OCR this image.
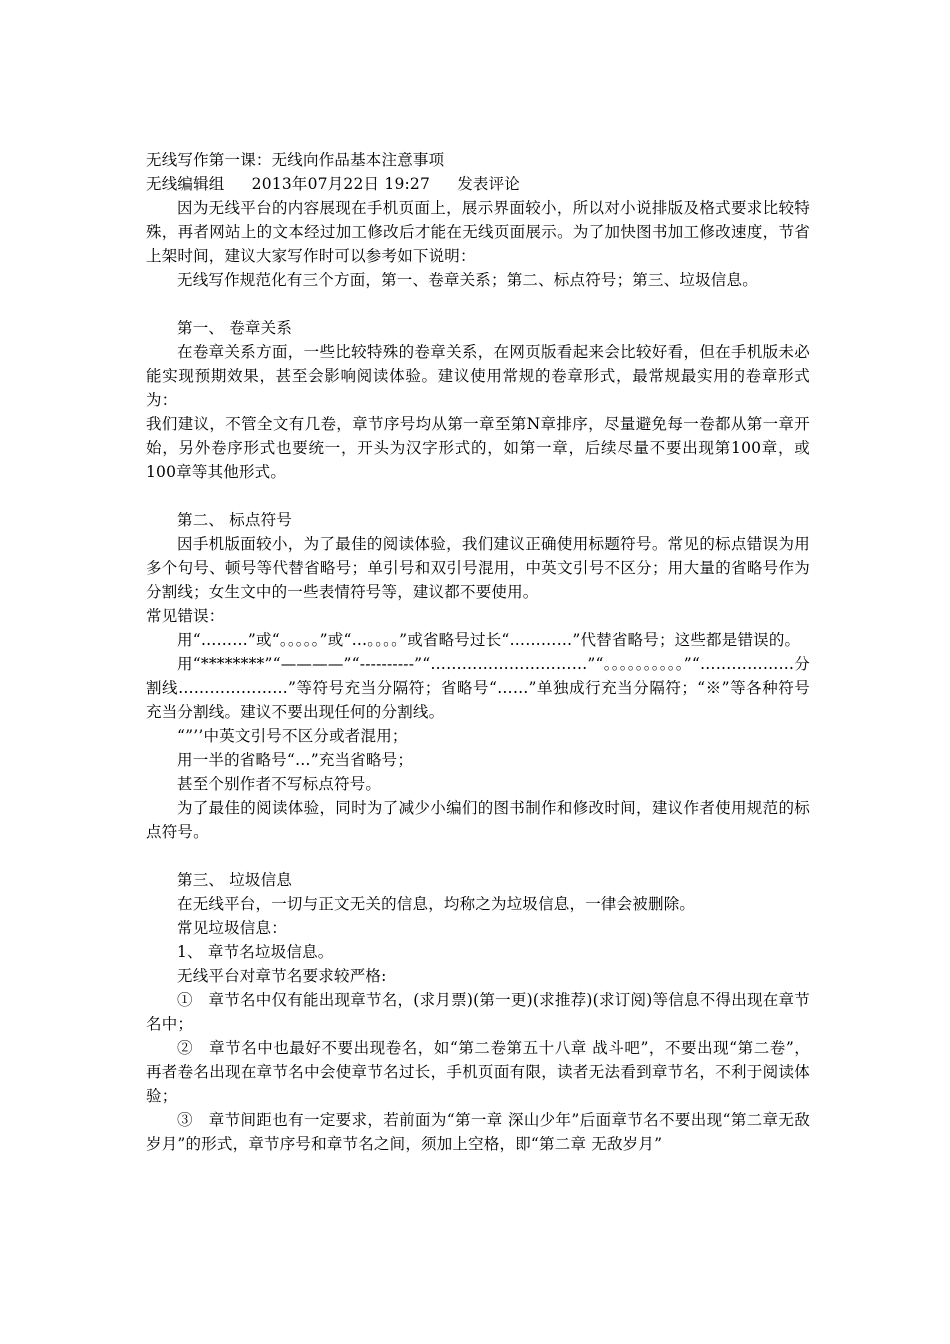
无线写作第一课：无线向作品基本注意事项
无线编辑组 2013年07月22日 19:27 发表评论
因为无线平台的内容展现在手机页面上，展示界面较小，所以对小说排版及格式要求比较特殊，再者网站上的文本经过加工修改后才能在无线页面展示。为了加快图书加工修改速度，节省上架时间，建议大家写作时可以参考如下说明：
无线写作规范化有三个方面，第一、卷章关系；第二、标点符号；第三、垃圾信息。
第一、 卷章关系
在卷章关系方面，一些比较特殊的卷章关系，在网页版看起来会比较好看，但在手机版未必能实现预期效果，甚至会影响阅读体验。建议使用常规的卷章形式，最常规最实用的卷章形式为：
我们建议，不管全文有几卷，章节序号均从第一章至第N章排序，尽量避免每一卷都从第一章开始，另外卷序形式也要统一，开头为汉字形式的，如第一章，后续尽量不要出现第100章，或100章等其他形式。
第二、 标点符号
因手机版面较小，为了最佳的阅读体验，我们建议正确使用标题符号。常见的标点错误为用多个句号、顿号等代替省略号；单引号和双引号混用，中英文引号不区分；用大量的省略号作为分割线；女生文中的一些表情符号等，建议都不要使用。
常见错误：
用“………”或“。。。。。”或“…。。。。”或省略号过长“…………”代替省略号；这些都是错误的。
用“********”“————”“----------”“…………………………”“。。。。。。。。。。”“………………分割线…………………”等符号充当分隔符；省略号“……”单独成行充当分隔符；“※”等各种符号充当分割线。建议不要出现任何的分割线。
“”’’中英文引号不区分或者混用；
用一半的省略号“…”充当省略号；
甚至个别作者不写标点符号。
为了最佳的阅读体验，同时为了减少小编们的图书制作和修改时间，建议作者使用规范的标点符号。
第三、 垃圾信息
在无线平台，一切与正文无关的信息，均称之为垃圾信息，一律会被删除。
常见垃圾信息：
1、 章节名垃圾信息。
无线平台对章节名要求较严格:
①　章节名中仅有能出现章节名，(求月票)(第一更)(求推荐)(求订阅)等信息不得出现在章节名中；
②　章节名中也最好不要出现卷名，如“第二卷第五十八章 战斗吧”，不要出现“第二卷”，再者卷名出现在章节名中会使章节名过长，手机页面有限，读者无法看到章节名，不利于阅读体验；
③　章节间距也有一定要求，若前面为“第一章 深山少年”后面章节名不要出现“第二章无敌岁月”的形式，章节序号和章节名之间，须加上空格，即“第二章 无敌岁月”
